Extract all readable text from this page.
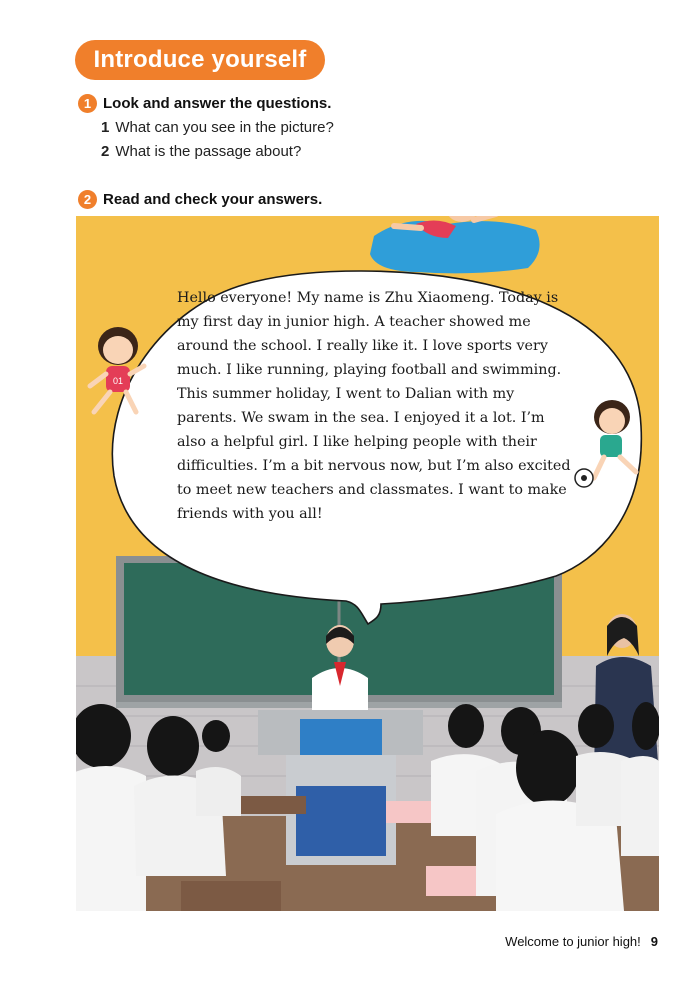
Introduce yourself
1 Look and answer the questions.
1 What can you see in the picture?
2 What is the passage about?
2 Read and check your answers.
01
Hello everyone! My name is Zhu Xiaomeng. Today is my first day in junior high. A teacher showed me around the school. I really like it. I love sports very much. I like running, playing football and swimming. This summer holiday, I went to Dalian with my parents. We swam in the sea. I enjoyed it a lot. I’m also a helpful girl. I like helping people with their difficulties. I’m a bit nervous now, but I’m also excited to meet new teachers and classmates. I want to make friends with you all!
Welcome to junior high! 9
